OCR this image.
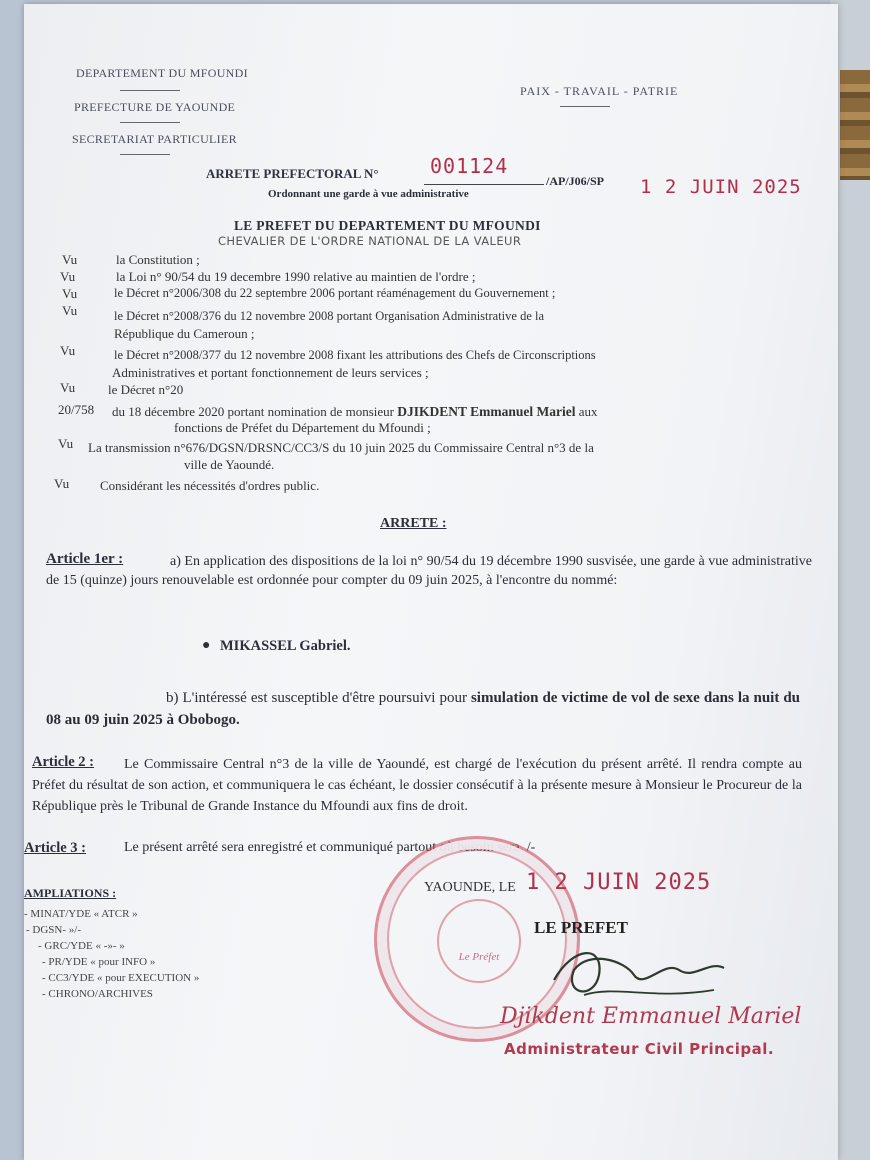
DEPARTEMENT DU MFOUNDI
PREFECTURE DE YAOUNDE
SECRETARIAT PARTICULIER
PAIX - TRAVAIL - PATRIE
ARRETE PREFECTORAL N°	001124
/AP/J06/SP 1 2 JUIN 2025
Ordonnant une garde à vue administrative
LE PREFET DU DEPARTEMENT DU MFOUNDI
CHEVALIER DE L'ORDRE NATIONAL DE LA VALEUR
Vu	la Constitution ;
Vu	la Loi n° 90/54 du 19 decembre 1990 relative au maintien de l'ordre ;
Vu	le Décret n°2006/308 du 22 septembre 2006 portant réaménagement du Gouvernement ;
Vu	le Décret n°2008/376 du 12 novembre 2008 portant Organisation Administrative de la
République du Cameroun ;
Vu	le Décret n°2008/377 du 12 novembre 2008 fixant les attributions des Chefs de Circonscriptions
Administratives et portant fonctionnement de leurs services ;
Vu	le Décret n°20
20/758 du 18 décembre 2020 portant nomination de monsieur DJIKDENT Emmanuel Mariel aux
fonctions de Préfet du Département du Mfoundi ;
Vu La transmission n°676/DGSN/DRSNC/CC3/S du 10 juin 2025 du Commissaire Central n°3 de la
ville de Yaoundé.
Vu Considérant les nécessités d'ordres public.
ARRETE :
Article 1er :	a) En application des dispositions de la loi n° 90/54 du 19 décembre 1990 susvisée, une garde à vue administrative de 15 (quinze) jours renouvelable est ordonnée pour compter du 09 juin 2025, à l'encontre du nommé:
● MIKASSEL Gabriel.
b) L'intéressé est susceptible d'être poursuivi pour simulation de victime de vol de sexe dans la nuit du 08 au 09 juin 2025 à Obobogo.
Article 2 :	Le Commissaire Central n°3 de la ville de Yaoundé, est chargé de l'exécution du présent arrêté. Il rendra compte au Préfet du résultat de son action, et communiquera le cas échéant, le dossier consécutif à la présente mesure à Monsieur le Procureur de la République près le Tribunal de Grande Instance du Mfoundi aux fins de droit.
Article 3 :	Le présent arrêté sera enregistré et communiqué partout où besoin sera. /-
AMPLIATIONS :
- MINAT/YDE « ATCR »
- DGSN- »/-
- GRC/YDE « -»- »
- PR/YDE « pour INFO »
- CC3/YDE « pour EXECUTION »
- CHRONO/ARCHIVES
Le Préfet
YAOUNDE, LE 1 2 JUIN 2025
LE PREFET
Djikdent Emmanuel Mariel
Administrateur Civil Principal.
